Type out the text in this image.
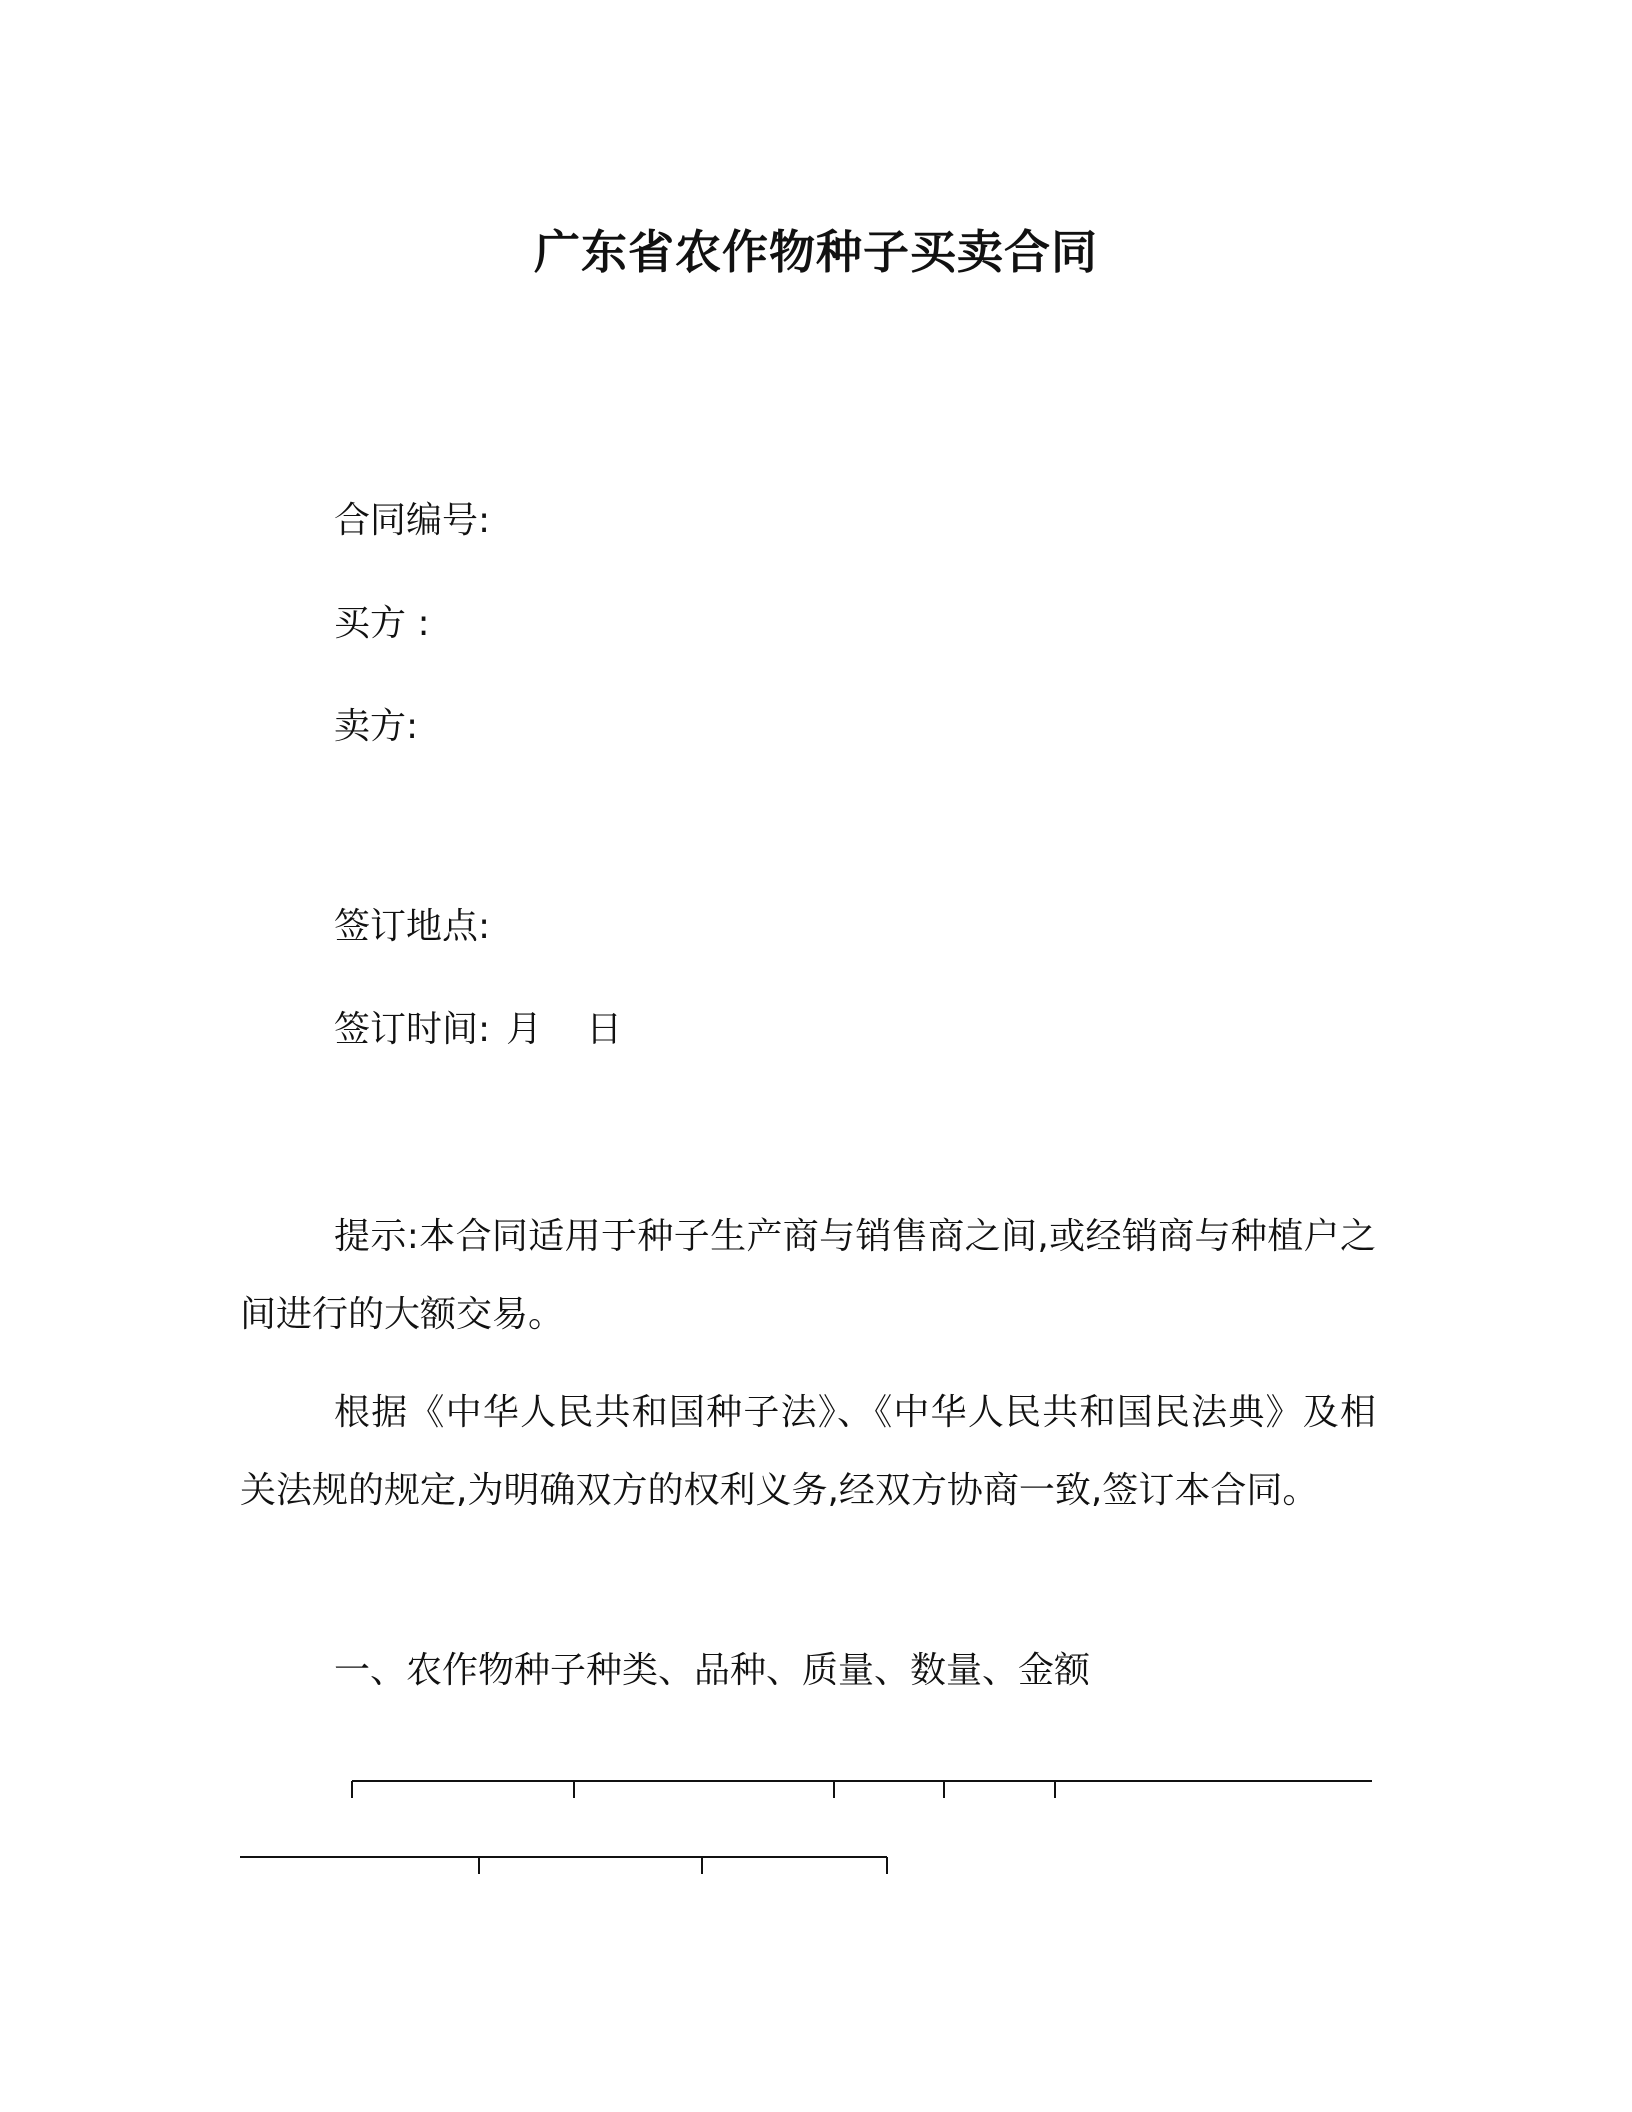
广东省农作物种子买卖合同
合同编号:
买方 :
卖方:
签订地点:
签订时间: 月 日
提示:本合同适用于种子生产商与销售商之间,或经销商与种植户之间进行的大额交易。
根据《中华人民共和国种子法》、《中华人民共和国民法典》及相关法规的规定,为明确双方的权利义务,经双方协商一致,签订本合同。
一、农作物种子种类、品种、质量、数量、金额
